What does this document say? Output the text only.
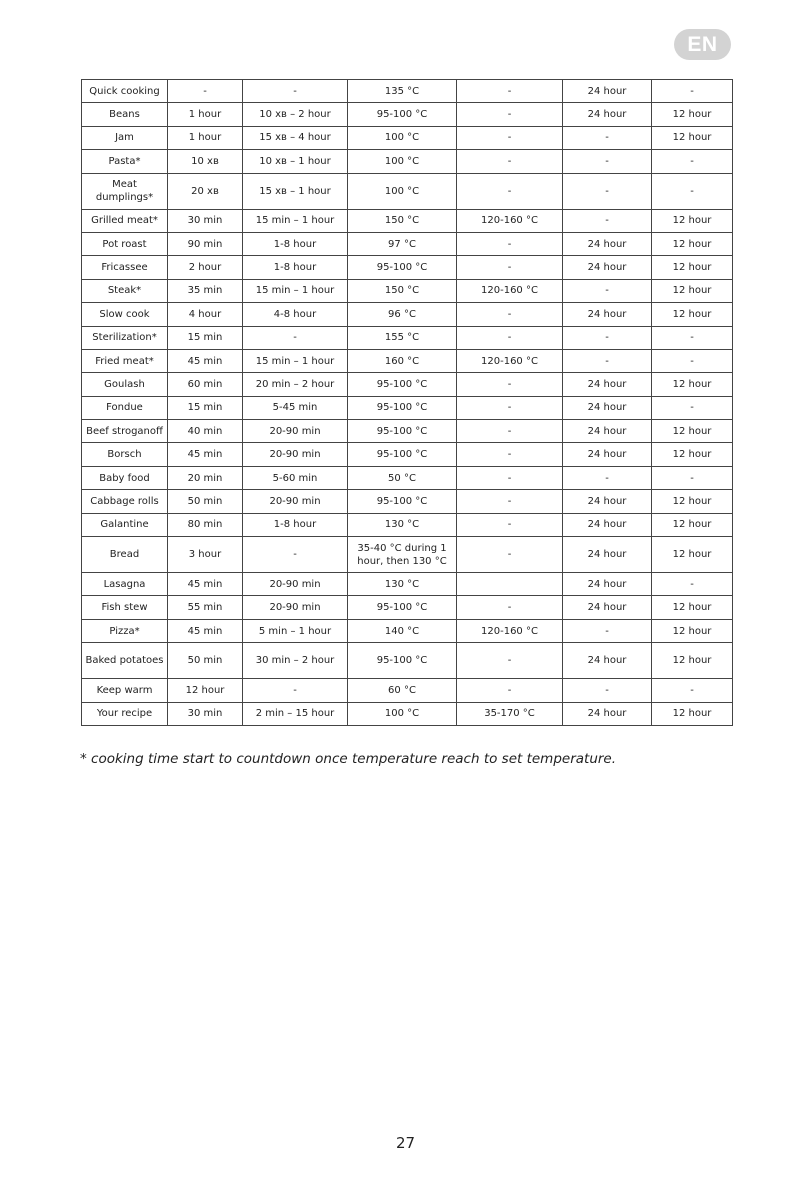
EN
Quick cooking	-	-	135 °C	-	24 hour	-
Beans	1 hour	10 хв – 2 hour	95-100 °C	-	24 hour	12 hour
Jam	1 hour	15 хв – 4 hour	100 °C	-	-	12 hour
Pasta*	10 хв	10 хв – 1 hour	100 °C	-	-	-
Meat dumplings*	20 хв	15 хв – 1 hour	100 °C	-	-	-
Grilled meat*	30 min	15 min – 1 hour	150 °C	120-160 °C	-	12 hour
Pot roast	90 min	1-8 hour	97 °C	-	24 hour	12 hour
Fricassee	2 hour	1-8 hour	95-100 °C	-	24 hour	12 hour
Steak*	35 min	15 min – 1 hour	150 °C	120-160 °C	-	12 hour
Slow cook	4 hour	4-8 hour	96 °C	-	24 hour	12 hour
Sterilization*	15 min	-	155 °C	-	-	-
Fried meat*	45 min	15 min – 1 hour	160 °C	120-160 °C	-	-
Goulash	60 min	20 min – 2 hour	95-100 °C	-	24 hour	12 hour
Fondue	15 min	5-45 min	95-100 °C	-	24 hour	-
Beef stroganoff	40 min	20-90 min	95-100 °C	-	24 hour	12 hour
Borsch	45 min	20-90 min	95-100 °C	-	24 hour	12 hour
Baby food	20 min	5-60 min	50 °C	-	-	-
Cabbage rolls	50 min	20-90 min	95-100 °C	-	24 hour	12 hour
Galantine	80 min	1-8 hour	130 °C	-	24 hour	12 hour
Bread	3 hour	-	35-40 °C during 1 hour, then 130 °C	-	24 hour	12 hour
Lasagna	45 min	20-90 min	130 °C		24 hour	-
Fish stew	55 min	20-90 min	95-100 °C	-	24 hour	12 hour
Pizza*	45 min	5 min – 1 hour	140 °C	120-160 °C	-	12 hour
Baked potatoes	50 min	30 min – 2 hour	95-100 °C	-	24 hour	12 hour
Keep warm	12 hour	-	60 °C	-	-	-
Your recipe	30 min	2 min – 15 hour	100 °C	35-170 °C	24 hour	12 hour
* cooking time start to countdown once temperature reach to set temperature.
27
